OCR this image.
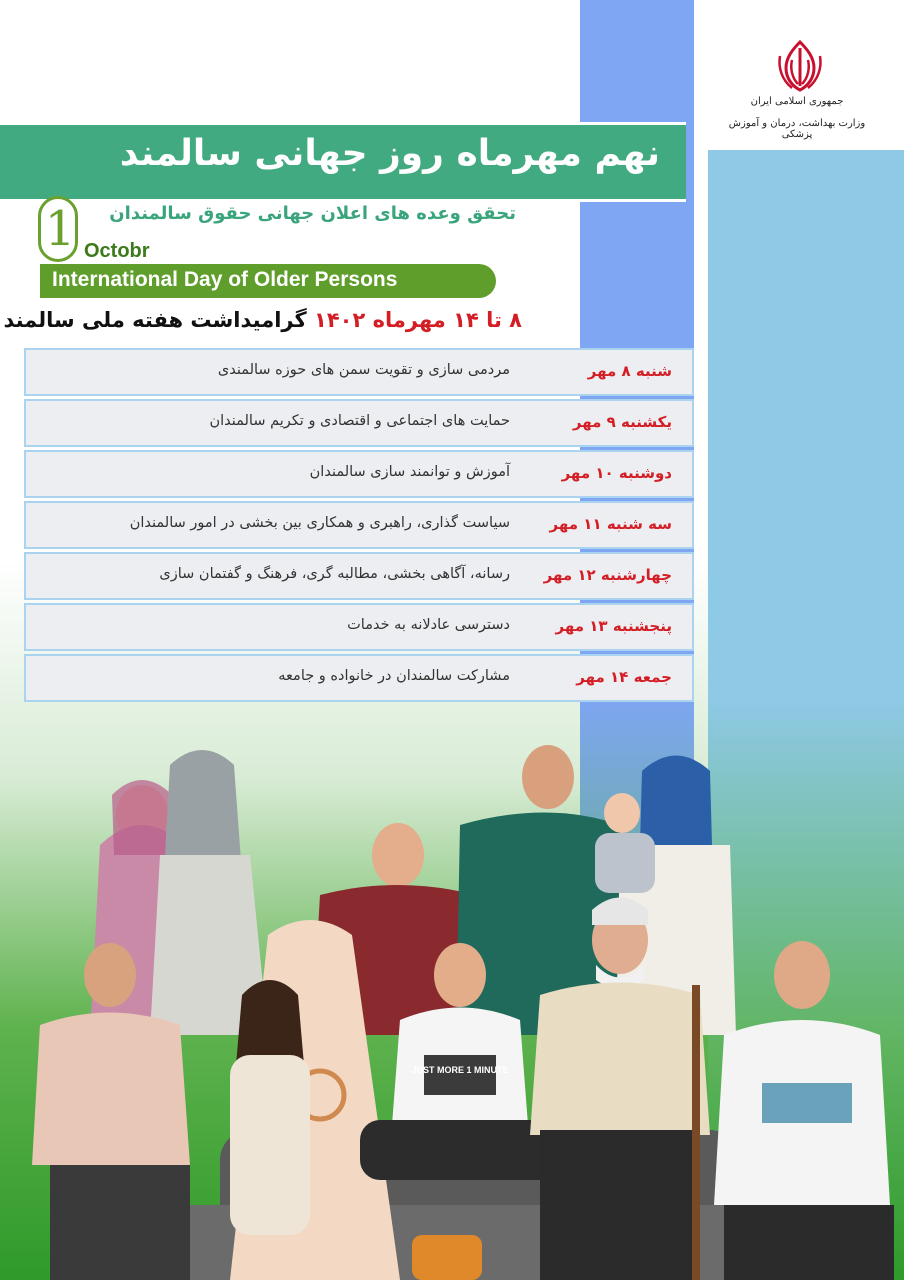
جمهوری اسلامی ایران
وزارت بهداشت، درمان و آموزش پزشکی
نهم مهرماه روز جهانی سالمند
تحقق وعده های اعلان جهانی حقوق سالمندان
International Day of Older Persons
1 Octobr
۸ تا ۱۴ مهرماه ۱۴۰۲ گرامیداشت هفته ملی سالمند
شنبه ۸ مهر
مردمی سازی و تقویت سمن های حوزه سالمندی
یکشنبه ۹ مهر
حمایت های اجتماعی و اقتصادی و تکریم سالمندان
دوشنبه ۱۰ مهر
آموزش و توانمند سازی سالمندان
سه شنبه ۱۱ مهر
سیاست گذاری، راهبری و همکاری بین بخشی در امور سالمندان
چهارشنبه ۱۲ مهر
رسانه، آگاهی بخشی، مطالبه گری، فرهنگ و گفتمان سازی
پنجشنبه ۱۳ مهر
دسترسی عادلانه به خدمات
جمعه ۱۴ مهر
مشارکت سالمندان در خانواده و جامعه
JUST MORE 1 MINUTE
